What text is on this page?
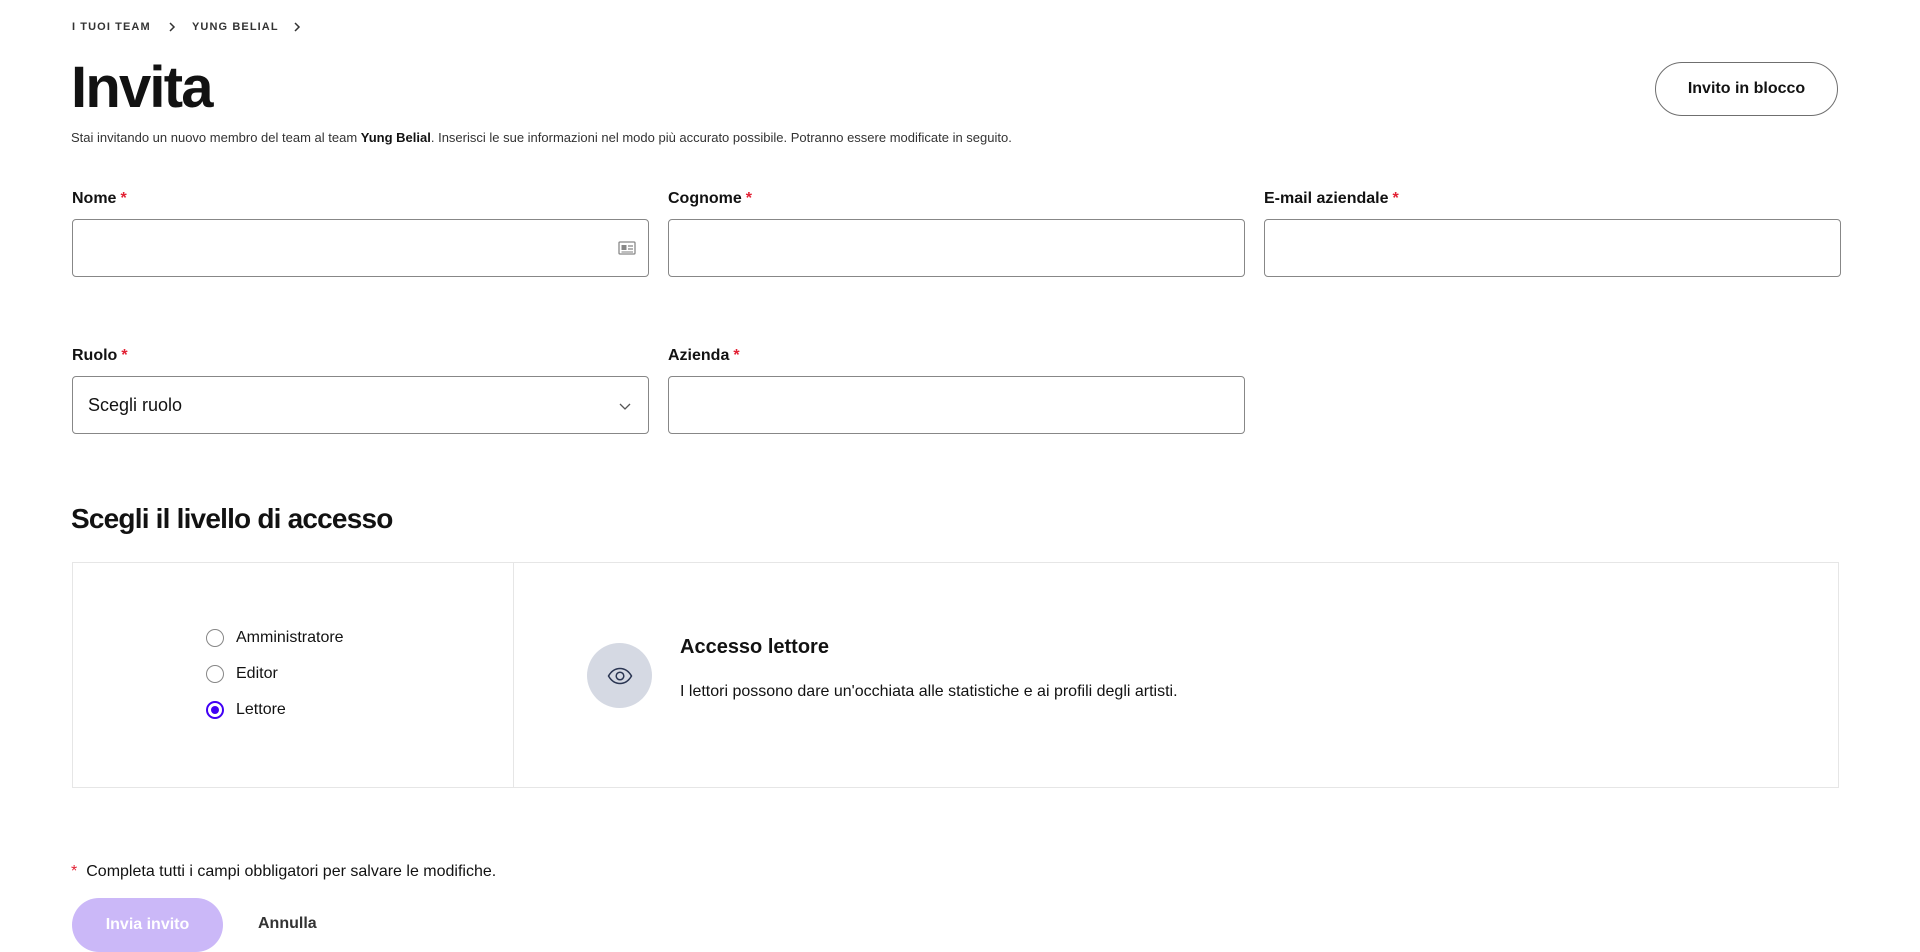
I TUOI TEAM	YUNG BELIAL
Invita
Stai invitando un nuovo membro del team al team Yung Belial. Inserisci le sue informazioni nel modo più accurato possibile. Potranno essere modificate in seguito.
Invito in blocco
Nome *	Cognome *	E-mail aziendale *
Ruolo *
Scegli ruolo
Azienda *
Scegli il livello di accesso
Amministratore
Editor
Lettore
Accesso lettore
I lettori possono dare un'occhiata alle statistiche e ai profili degli artisti.
* Completa tutti i campi obbligatori per salvare le modifiche.
Invia invito	Annulla
